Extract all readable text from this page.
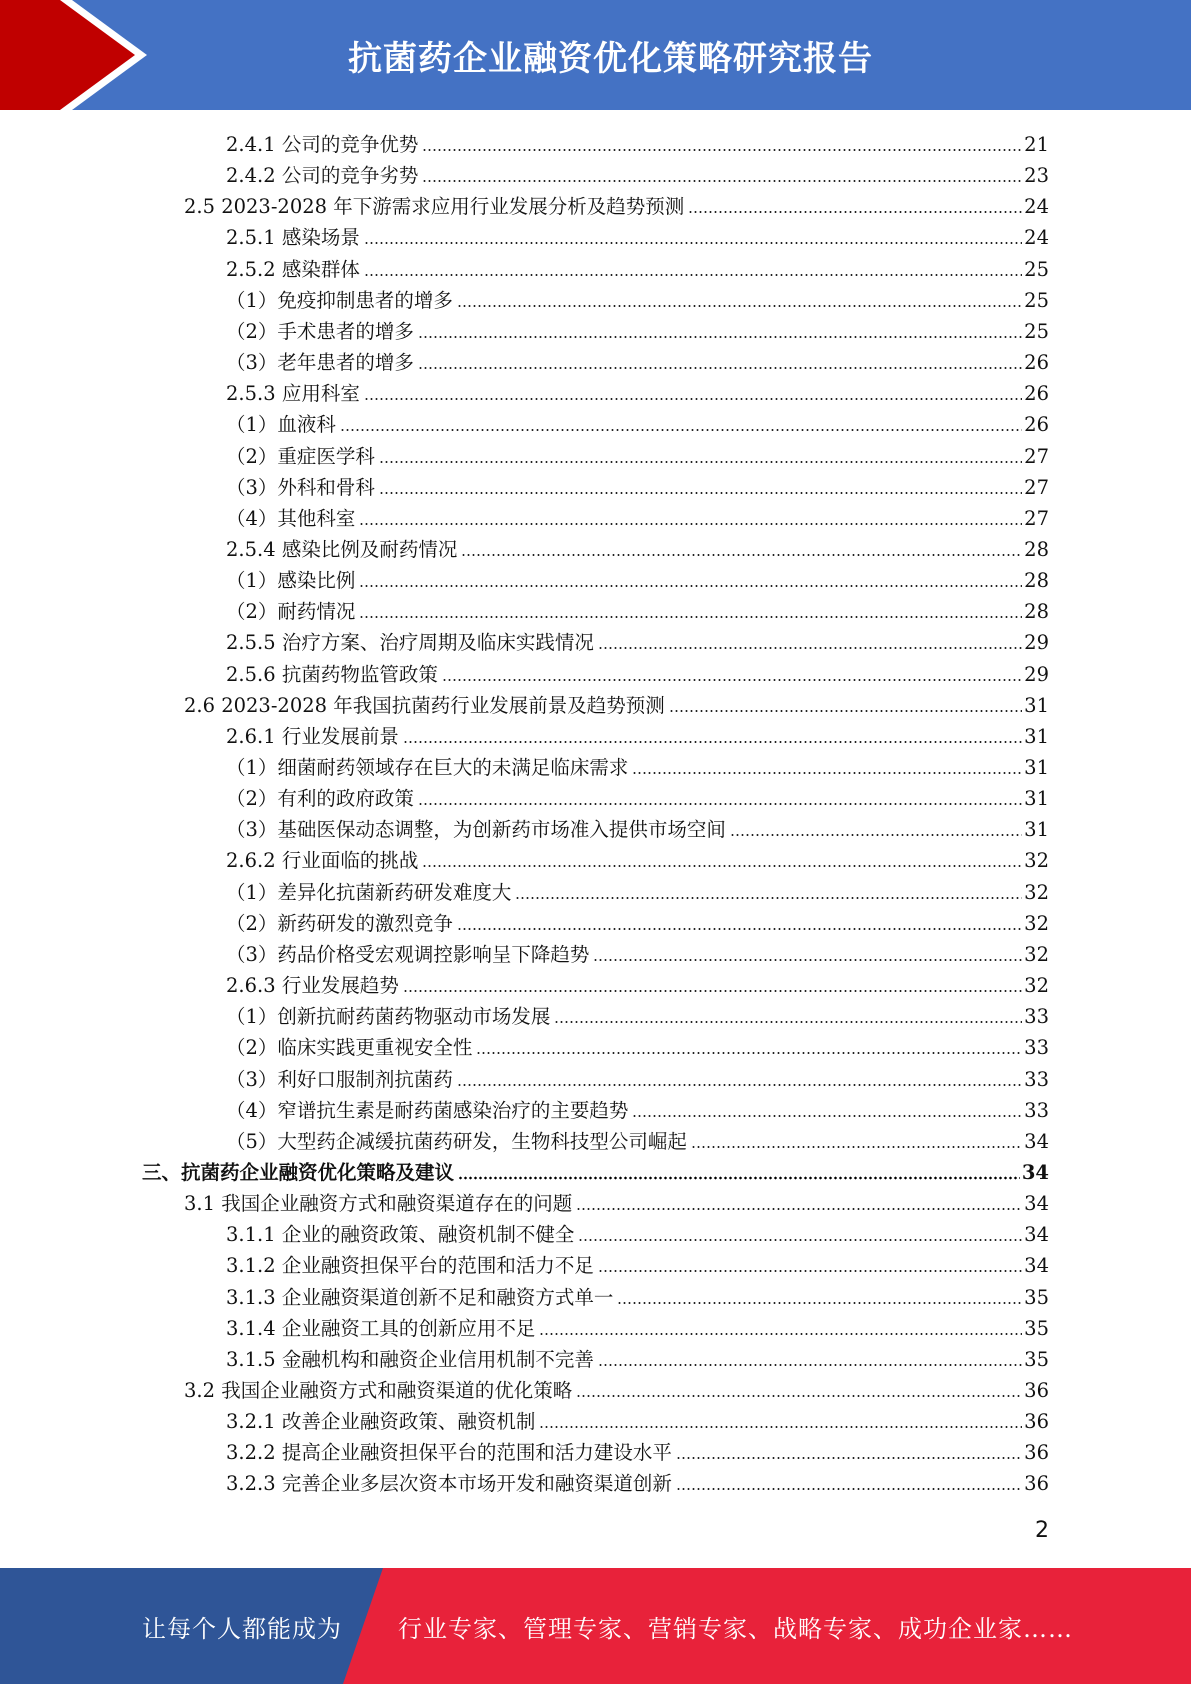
抗菌药企业融资优化策略研究报告
2.4.1 公司的竞争优势	21
2.4.2 公司的竞争劣势	23
2.5 2023-2028 年下游需求应用行业发展分析及趋势预测	24
2.5.1 感染场景	24
2.5.2 感染群体	25
（1）免疫抑制患者的增多	25
（2）手术患者的增多	25
（3）老年患者的增多	26
2.5.3 应用科室	26
（1）血液科	26
（2）重症医学科	27
（3）外科和骨科	27
（4）其他科室	27
2.5.4 感染比例及耐药情况	28
（1）感染比例	28
（2）耐药情况	28
2.5.5 治疗方案、治疗周期及临床实践情况	29
2.5.6 抗菌药物监管政策	29
2.6 2023-2028 年我国抗菌药行业发展前景及趋势预测	31
2.6.1 行业发展前景	31
（1）细菌耐药领域存在巨大的未满足临床需求	31
（2）有利的政府政策	31
（3）基础医保动态调整，为创新药市场准入提供市场空间	31
2.6.2 行业面临的挑战	32
（1）差异化抗菌新药研发难度大	32
（2）新药研发的激烈竞争	32
（3）药品价格受宏观调控影响呈下降趋势	32
2.6.3 行业发展趋势	32
（1）创新抗耐药菌药物驱动市场发展	33
（2）临床实践更重视安全性	33
（3）利好口服制剂抗菌药	33
（4）窄谱抗生素是耐药菌感染治疗的主要趋势	33
（5）大型药企减缓抗菌药研发，生物科技型公司崛起	34
三、抗菌药企业融资优化策略及建议	34
3.1 我国企业融资方式和融资渠道存在的问题	34
3.1.1 企业的融资政策、融资机制不健全	34
3.1.2 企业融资担保平台的范围和活力不足	34
3.1.3 企业融资渠道创新不足和融资方式单一	35
3.1.4 企业融资工具的创新应用不足	35
3.1.5 金融机构和融资企业信用机制不完善	35
3.2 我国企业融资方式和融资渠道的优化策略	36
3.2.1 改善企业融资政策、融资机制	36
3.2.2 提高企业融资担保平台的范围和活力建设水平	36
3.2.3 完善企业多层次资本市场开发和融资渠道创新	36
2
让每个人都能成为 行业专家、管理专家、营销专家、战略专家、成功企业家……
